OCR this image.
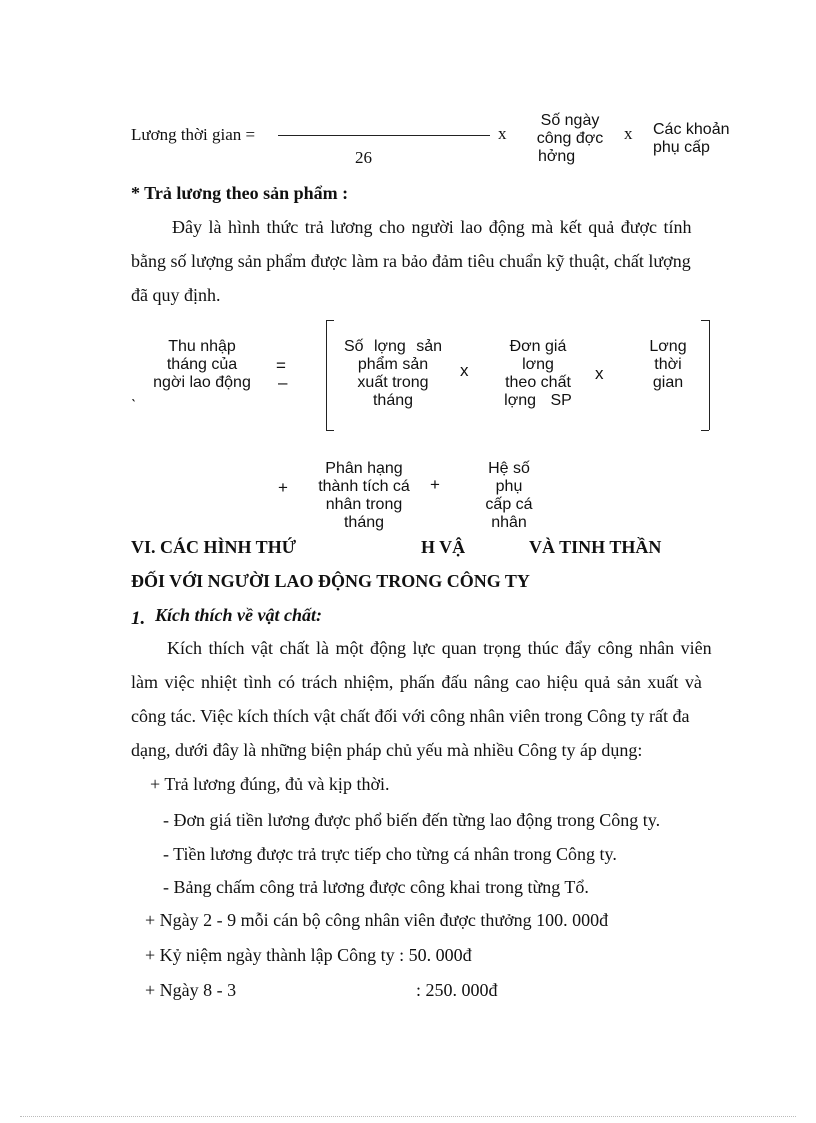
Lương thời gian =
26
x
Số ngày
công đợc
hởng
x Các khoản
phụ cấp
* Trả lương theo sản phẩm :
Đây là hình thức trả lương cho người lao động mà kết quả được tính
bằng số lượng sản phẩm được làm ra bảo đảm tiêu chuẩn kỹ thuật, chất lượng
đã quy định.
Thu nhập
tháng của
ngời lao động
=
–
ˎ
Số lợng sản
phẩm sản
xuất trong
tháng
x
Đơn giá
lơng
theo chất
lợng SP
x
Lơng
thời
gian
+
Phân hạng
thành tích cá
nhân trong
tháng
+
Hệ số
phụ
cấp cá
nhân
VI. CÁC HÌNH THỨ	H VẬ	VÀ TINH THẦN
ĐỐI VỚI NGƯỜI LAO ĐỘNG TRONG CÔNG TY
1. Kích thích về vật chất:
Kích thích vật chất là một động lực quan trọng thúc đẩy công nhân viên
làm việc nhiệt tình có trách nhiệm, phấn đấu nâng cao hiệu quả sản xuất và
công tác. Việc kích thích vật chất đối với công nhân viên trong Công ty rất đa
dạng, dưới đây là những biện pháp chủ yếu mà nhiều Công ty áp dụng:
+ Trả lương đúng, đủ và kịp thời.
- Đơn giá tiền lương được phổ biến đến từng lao động trong Công ty.
- Tiền lương được trả trực tiếp cho từng cá nhân trong Công ty.
- Bảng chấm công trả lương được công khai trong từng Tổ.
+ Ngày 2 - 9 mỗi cán bộ công nhân viên được thưởng 100. 000đ
+ Kỷ niệm ngày thành lập Công ty : 50. 000đ
+ Ngày 8 - 3	: 250. 000đ
